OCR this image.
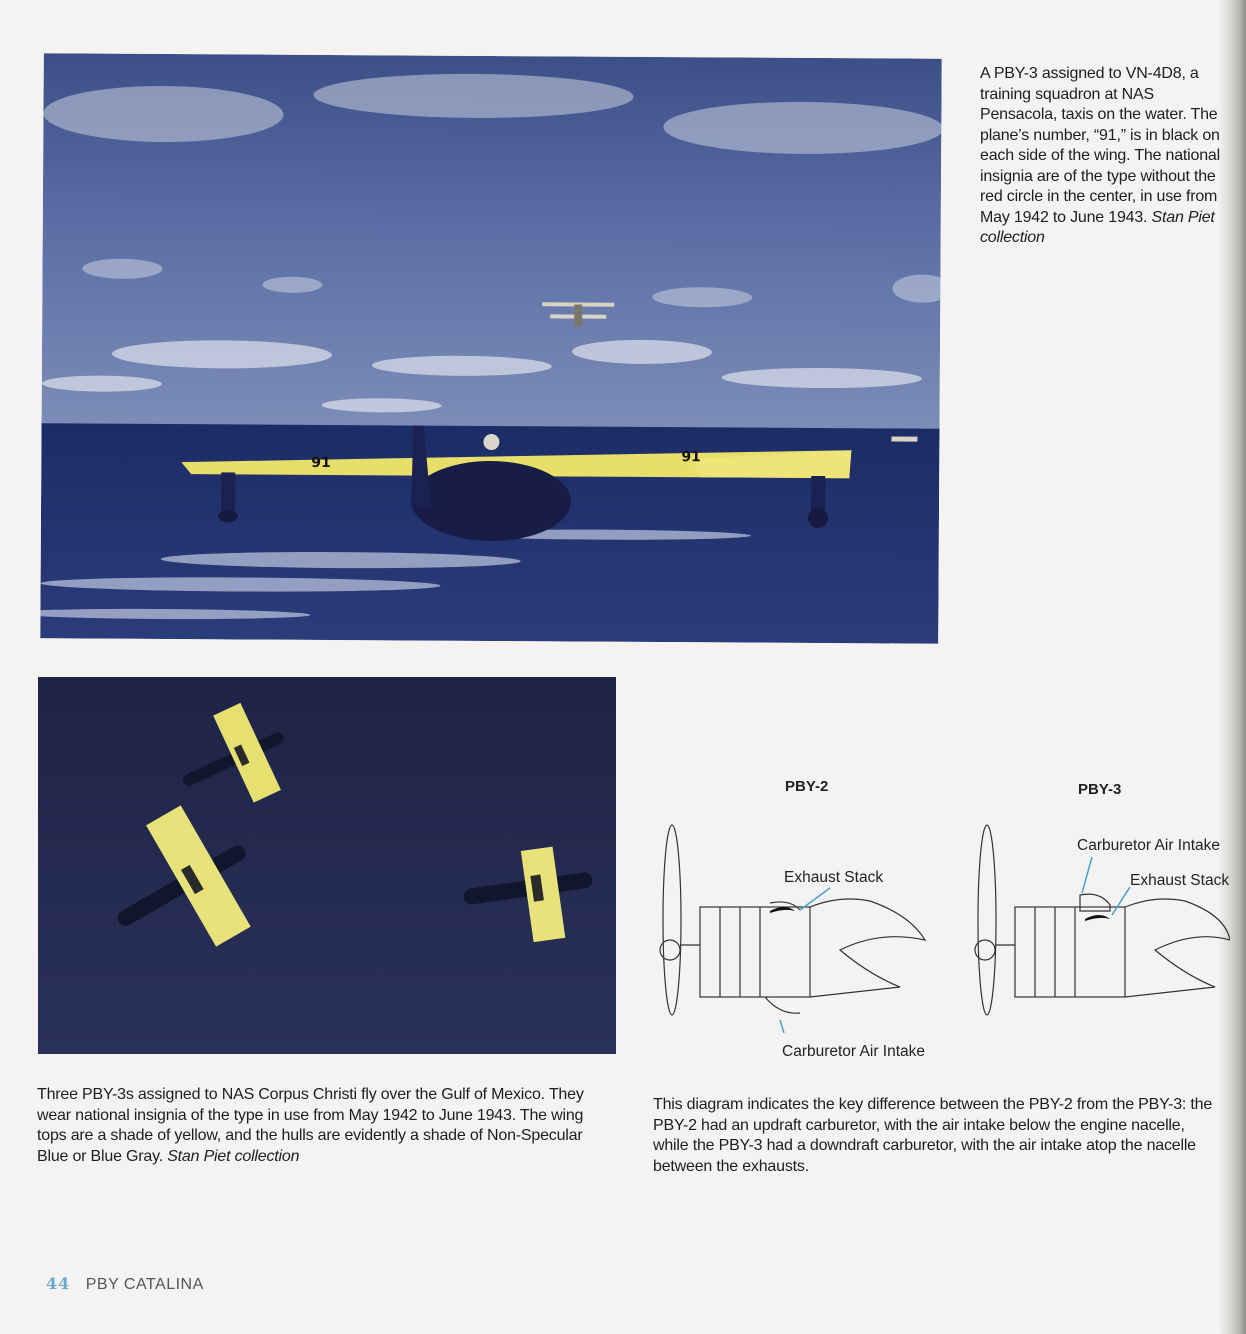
91
91
A PBY-3 assigned to VN-4D8, a training squadron at NAS Pensacola, taxis on the water. The plane’s number, “91,” is in black on each side of the wing. The national insignia are of the type without the red circle in the center, in use from May 1942 to June 1943. Stan Piet collection
Three PBY-3s assigned to NAS Corpus Christi fly over the Gulf of Mexico. They wear national insignia of the type in use from May 1942 to June 1943. The wing tops are a shade of yellow, and the hulls are evidently a shade of Non-Specular Blue or Blue Gray. Stan Piet collection
PBY-2	PBY-3
Exhaust Stack
Carburetor Air Intake
Carburetor Air Intake
Exhaust Stack
This diagram indicates the key difference between the PBY-2 from the PBY-3: the PBY-2 had an updraft carburetor, with the air intake below the engine nacelle, while the PBY-3 had a downdraft carburetor, with the air intake atop the nacelle between the exhausts.
44 PBY CATALINA
